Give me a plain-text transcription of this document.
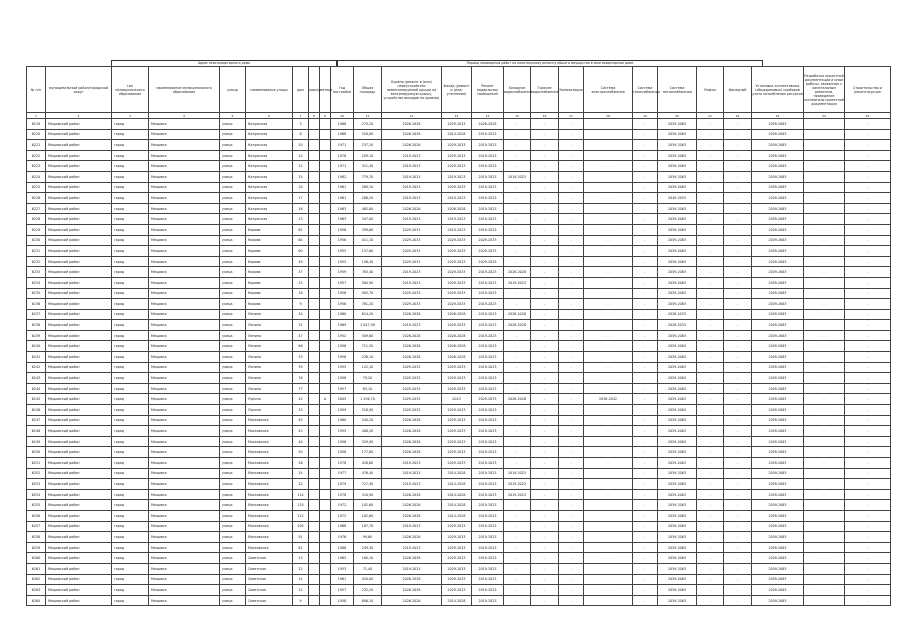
Адрес многоквартирного дома	Период проведения работ по капитальному ремонту общего имущества в многоквартирном доме
№ п/п	муниципальный район/городской округ	тип муниципального образования	наименование муниципального образования	улица	наименование улицы	дом	корпус	литера	Год постройки	Общая площадь	Кровля (ремонт и (или) переустройство невентилируемой крыши на вентилируемую крышу, устройство выходов на кровлю)	Фасад (ремонт и (или) утепление)	Ремонт подвальных помещений	Холодное водоснабжение	Горячее водоснабжение	Канализация	Система электроснабжения	Система газоснабжения	Система теплоснабжения	Лифты	Фасадный	Установка коллективных (общедомовых) приборов учета потребления ресурсов	Разработка проектной документации и иные работы, связанные с капитальным ремонтом, проведение экспертизы проектной документации	Строительство и реконструкция
1	2	3	4	5	6	7	8	9	10	11	12	13	14	15	16	17	18	19	20	21	22	23	24	25
6219	Мещовский район	город	Мещовск	улица	Калужская	3			1968	275,20	2026-2028	2029-2033	2026-2028	-	-	-	-	-	2059-2063	-	-	2059-2063	-	-
6220	Мещовский район	город	Мещовск	улица	Калужская	8			1968	528,80	2026-2028	2014-2028	2019-2023	-	-	-	-	-	2059-2063	-	-	2059-2063	-	-
6221	Мещовский район	город	Мещовск	улица	Калужская	10			1971	237,20	2026-2028	2029-2033	2019-2023	-	-	-	-	-	2059-2063	-	-	2059-2063	-	-
6222	Мещовский район	город	Мещовск	улица	Калужская	14			1978	209,10	2019-2023	2029-2033	2019-2023	-	-	-	-	-	2059-2063	-	-	2059-2063	-	-
6223	Мещовский район	город	Мещовск	улица	Калужская	12			1971	311,40	2019-2023	2029-2033	2019-2023	-	-	-	-	-	2059-2063	-	-	2059-2063	-	-
6224	Мещовский район	город	Мещовск	улица	Калужская	25			1982	779,70	2019-2023	2019-2023	2019-2023	2019-2023	-	-	-	-	2059-2063	-	-	2059-2063	-	-
6225	Мещовский район	город	Мещовск	улица	Калужская	10			1961	289,10	2019-2023	2029-2033	2019-2023	-	-	-	-	-	2059-2063	-	-	2059-2063	-	-
6226	Мещовский район	город	Мещовск	улица	Калужская	17			1961	288,20	2019-2023	2019-2023	2019-2023	-	-	-	-	-	2049-2053	-	-	2059-2063	-	-
6227	Мещовский район	город	Мещовск	улица	Калужская	16			1963	462,80	2026-2028	2026-2028	2019-2023	-	-	-	-	-	2059-2063	-	-	2059-2063	-	-
6228	Мещовский район	город	Мещовск	улица	Калужская	13			1963	347,00	2019-2023	2019-2023	2019-2023	-	-	-	-	-	2059-2063	-	-	2059-2063	-	-
6229	Мещовский район	город	Мещовск	улица	Кирова	62			1956	399,60	2029-2033	2019-2023	2019-2023	-	-	-	-	-	2059-2063	-	-	2059-2063	-	-
6230	Мещовский район	город	Мещовск	улица	Кирова	64			1956	411,10	2029-2033	2029-2033	2029-2033	-	-	-	-	-	2059-2063	-	-	2059-2063	-	-
6231	Мещовский район	город	Мещовск	улица	Кирова	60			1955	157,60	2029-2033	2029-2033	2029-2033	-	-	-	-	-	2059-2063	-	-	2059-2063	-	-
6232	Мещовский район	город	Мещовск	улица	Кирова	49			1955	156,40	2029-2033	2029-2033	2029-2033	-	-	-	-	-	2059-2063	-	-	2059-2063	-	-
6233	Мещовский район	город	Мещовск	улица	Кирова	37			1959	763,40	2019-2023	2029-2033	2019-2023	2026-2028	-	-	-	-	2059-2063	-	-	2059-2063	-	-
6234	Мещовский район	город	Мещовск	улица	Кирова	25			1957	564,90	2019-2023	2029-2033	2019-2023	2019-2023	-	-	-	-	2059-2063	-	-	2059-2063	-	-
6235	Мещовский район	город	Мещовск	улица	Кирова	18			1956	905,70	2029-2033	2029-2033	2019-2023	-	-	-	-	-	2059-2063	-	-	2059-2063	-	-
6236	Мещовский район	город	Мещовск	улица	Кирова	9			1956	761,20	2029-2033	2029-2033	2019-2023	-	-	-	-	-	2059-2063	-	-	2059-2063	-	-
6237	Мещовский район	город	Мещовск	улица	Ленина	34			1960	814,20	2026-2028	2026-2028	2019-2023	2026-2028	-	-	-	-	2026-2033	-	-	2059-2063	-	-
6238	Мещовский район	город	Мещовск	улица	Ленина	31			1969	1 047,90	2019-2023	2029-2033	2019-2023	2026-2028	-	-	-	-	2026-2033	-	-	2059-2063	-	-
6239	Мещовский район	город	Мещовск	улица	Ленина	47			1952	509,60	2026-2028	2026-2028	2019-2023	-	-	-	-	-	2059-2063	-	-	2059-2063	-	-
6240	Мещовский район	город	Мещовск	улица	Ленина	66			1956	711,50	2026-2028	2026-2028	2019-2023	-	-	-	-	-	2059-2063	-	-	2059-2063	-	-
6241	Мещовский район	город	Мещовск	улица	Ленина	33			1956	236,10	2026-2028	2026-2028	2019-2023	-	-	-	-	-	2059-2063	-	-	2059-2063	-	-
6242	Мещовский район	город	Мещовск	улица	Ленина	39			1955	122,10	2029-2033	2029-2033	2019-2023	-	-	-	-	-	2059-2063	-	-	2059-2063	-	-
6243	Мещовский район	город	Мещовск	улица	Ленина	76			1958	79,20	2029-2033	2029-2033	2019-2023	-	-	-	-	-	2059-2063	-	-	2059-2063	-	-
6244	Мещовский район	город	Мещовск	улица	Ленина	77			1957	85,10	2029-2033	2029-2033	2019-2023	-	-	-	-	-	2059-2063	-	-	2059-2063	-	-
6245	Мещовский район	город	Мещовск	улица	Лукина	42		А	2005	1 556,70	2029-2033	2043	2029-2033	2026-2028	-	-	2038-2042	-	2059-2063	-	-	2059-2063	-	-
6246	Мещовский район	город	Мещовск	улица	Лукина	33			1959	518,90	2029-2033	2029-2033	2019-2023	-	-	-	-	-	2059-2063	-	-	2059-2063	-	-
6247	Мещовский район	город	Мещовск	улица	Московская	45			1960	540,20	2026-2028	2029-2033	2019-2023	-	-	-	-	-	2059-2063	-	-	2059-2063	-	-
6248	Мещовский район	город	Мещовск	улица	Московская	43			1955	408,20	2026-2028	2029-2033	2019-2023	-	-	-	-	-	2059-2063	-	-	2059-2063	-	-
6249	Мещовский район	город	Мещовск	улица	Московская	40			1956	329,90	2026-2028	2029-2033	2019-2023	-	-	-	-	-	2059-2063	-	-	2059-2063	-	-
6250	Мещовский район	город	Мещовск	улица	Московская	50			1958	177,80	2026-2028	2029-2033	2019-2023	-	-	-	-	-	2059-2063	-	-	2059-2063	-	-
6251	Мещовский район	город	Мещовск	улица	Московская	56			1978	428,60	2019-2023	2029-2033	2019-2023	-	-	-	-	-	2059-2063	-	-	2059-2063	-	-
6252	Мещовский район	город	Мещовск	улица	Московская	24			1977	476,40	2019-2023	2014-2028	2019-2023	2019-2023	-	-	-	-	2059-2063	-	-	2059-2063	-	-
6253	Мещовский район	город	Мещовск	улица	Московская	22			1979	727,40	2019-2023	2014-2028	2019-2023	2019-2023	-	-	-	-	2059-2063	-	-	2059-2063	-	-
6254	Мещовский район	город	Мещовск	улица	Московская	114			1978	310,90	2026-2028	2014-2028	2019-2023	2019-2023	-	-	-	-	2059-2063	-	-	2059-2063	-	-
6255	Мещовский район	город	Мещовск	улица	Московская	110			1972	102,60	2026-2028	2014-2028	2019-2023	-	-	-	-	-	2059-2063	-	-	2059-2063	-	-
6256	Мещовский район	город	Мещовск	улица	Московская	112			1972	102,60	2026-2028	2014-2028	2019-2023	-	-	-	-	-	2059-2063	-	-	2059-2063	-	-
6257	Мещовский район	город	Мещовск	улица	Московская	105			1968	187,70	2019-2023	2029-2033	2019-2023	-	-	-	-	-	2059-2063	-	-	2059-2063	-	-
6258	Мещовский район	город	Мещовск	улица	Московская	91			1976	99,60	2026-2028	2029-2033	2019-2023	-	-	-	-	-	2059-2063	-	-	2059-2063	-	-
6259	Мещовский район	город	Мещовск	улица	Московская	81			1986	249,30	2019-2023	2029-2033	2019-2023	-	-	-	-	-	2059-2063	-	-	2059-2063	-	-
6260	Мещовский район	город	Мещовск	улица	Советская	23			1965	160,10	2026-2028	2029-2033	2019-2023	-	-	-	-	-	2059-2063	-	-	2059-2063	-	-
6261	Мещовский район	город	Мещовск	улица	Советская	22			1953	71,40	2019-2023	2029-2033	2019-2023	-	-	-	-	-	2059-2063	-	-	2059-2063	-	-
6262	Мещовский район	город	Мещовск	улица	Советская	14			1961	420,00	2026-2028	2029-2033	2019-2023	-	-	-	-	-	2059-2063	-	-	2059-2063	-	-
6263	Мещовский район	город	Мещовск	улица	Советская	12			1957	232,20	2026-2028	2029-2033	2019-2023	-	-	-	-	-	2059-2063	-	-	2059-2063	-	-
6264	Мещовский район	город	Мещовск	улица	Советская	9			1958	806,10	2026-2028	2014-2028	2019-2023	-	-	-	-	-	2059-2063	-	-	2059-2063	-	-
